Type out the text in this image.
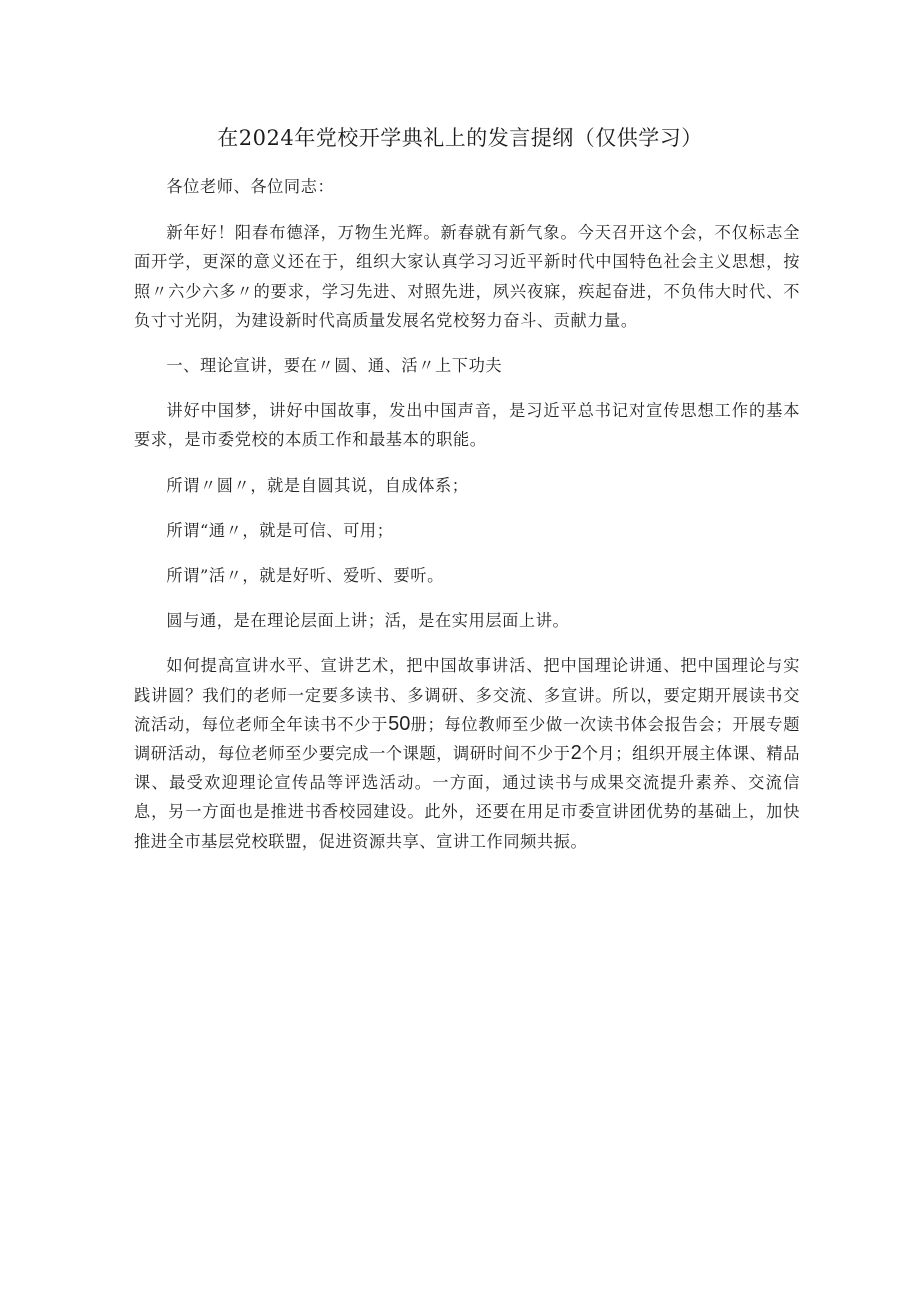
在2024年党校开学典礼上的发言提纲（仅供学习）

各位老师、各位同志：

新年好！阳春布德泽，万物生光辉。新春就有新气象。今天召开这个会，不仅标志全面开学，更深的意义还在于，组织大家认真学习习近平新时代中国特色社会主义思想，按照〃六少六多〃的要求，学习先进、对照先进，夙兴夜寐，疾起奋进，不负伟大时代、不负寸寸光阴，为建设新时代高质量发展名党校努力奋斗、贡献力量。

一、理论宣讲，要在〃圆、通、活〃上下功夫

讲好中国梦，讲好中国故事，发出中国声音，是习近平总书记对宣传思想工作的基本要求，是市委党校的本质工作和最基本的职能。

所谓〃圆〃，就是自圆其说，自成体系；

所谓“通〃，就是可信、可用；

所谓”活〃，就是好听、爱听、要听。

圆与通，是在理论层面上讲；活，是在实用层面上讲。

如何提高宣讲水平、宣讲艺术，把中国故事讲活、把中国理论讲通、把中国理论与实践讲圆？我们的老师一定要多读书、多调研、多交流、多宣讲。所以，要定期开展读书交流活动，每位老师全年读书不少于50册；每位教师至少做一次读书体会报告会；开展专题调研活动，每位老师至少要完成一个课题，调研时间不少于2个月；组织开展主体课、精品课、最受欢迎理论宣传品等评选活动。一方面，通过读书与成果交流提升素养、交流信息，另一方面也是推进书香校园建设。此外，还要在用足市委宣讲团优势的基础上，加快推进全市基层党校联盟，促进资源共享、宣讲工作同频共振。
